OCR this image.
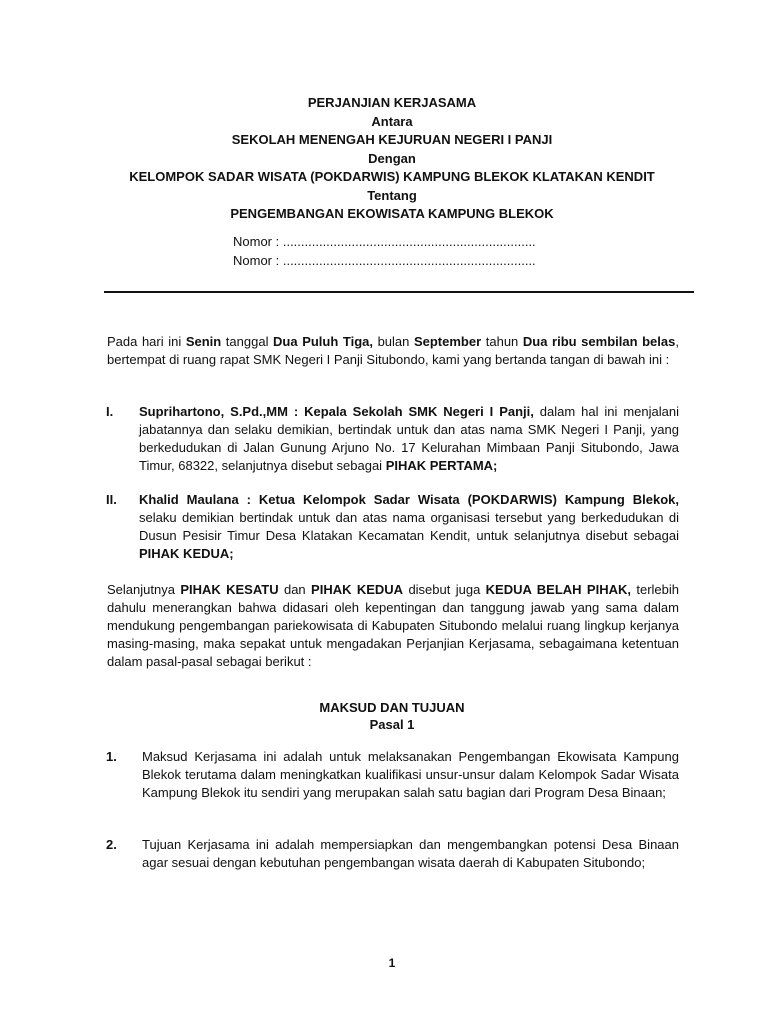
PERJANJIAN KERJASAMA
Antara
SEKOLAH MENENGAH KEJURUAN NEGERI I PANJI
Dengan
KELOMPOK SADAR WISATA (POKDARWIS) KAMPUNG BLEKOK KLATAKAN KENDIT
Tentang
PENGEMBANGAN EKOWISATA KAMPUNG BLEKOK
Nomor : ......................................................................
Nomor : ......................................................................

Pada hari ini Senin tanggal Dua Puluh Tiga, bulan September tahun Dua ribu sembilan belas, bertempat di ruang rapat SMK Negeri I Panji Situbondo, kami yang bertanda tangan di bawah ini :

I.	Suprihartono, S.Pd.,MM : Kepala Sekolah SMK Negeri I Panji, dalam hal ini menjalani jabatannya dan selaku demikian, bertindak untuk dan atas nama SMK Negeri I Panji, yang berkedudukan di Jalan Gunung Arjuno No. 17 Kelurahan Mimbaan Panji Situbondo, Jawa Timur, 68322, selanjutnya disebut sebagai PIHAK PERTAMA;
II.	Khalid Maulana : Ketua Kelompok Sadar Wisata (POKDARWIS) Kampung Blekok, selaku demikian bertindak untuk dan atas nama organisasi tersebut yang berkedudukan di Dusun Pesisir Timur Desa Klatakan Kecamatan Kendit, untuk selanjutnya disebut sebagai PIHAK KEDUA;

Selanjutnya PIHAK KESATU dan PIHAK KEDUA disebut juga KEDUA BELAH PIHAK, terlebih dahulu menerangkan bahwa didasari oleh kepentingan dan tanggung jawab yang sama dalam mendukung pengembangan pariekowisata di Kabupaten Situbondo melalui ruang lingkup kerjanya masing-masing, maka sepakat untuk mengadakan Perjanjian Kerjasama, sebagaimana ketentuan dalam pasal-pasal sebagai berikut :

MAKSUD DAN TUJUAN
Pasal 1
1.	Maksud Kerjasama ini adalah untuk melaksanakan Pengembangan Ekowisata Kampung Blekok terutama dalam meningkatkan kualifikasi unsur-unsur dalam Kelompok Sadar Wisata Kampung Blekok itu sendiri yang merupakan salah satu bagian dari Program Desa Binaan;
2.	Tujuan Kerjasama ini adalah mempersiapkan dan mengembangkan potensi Desa Binaan agar sesuai dengan kebutuhan pengembangan wisata daerah di Kabupaten Situbondo;
1
